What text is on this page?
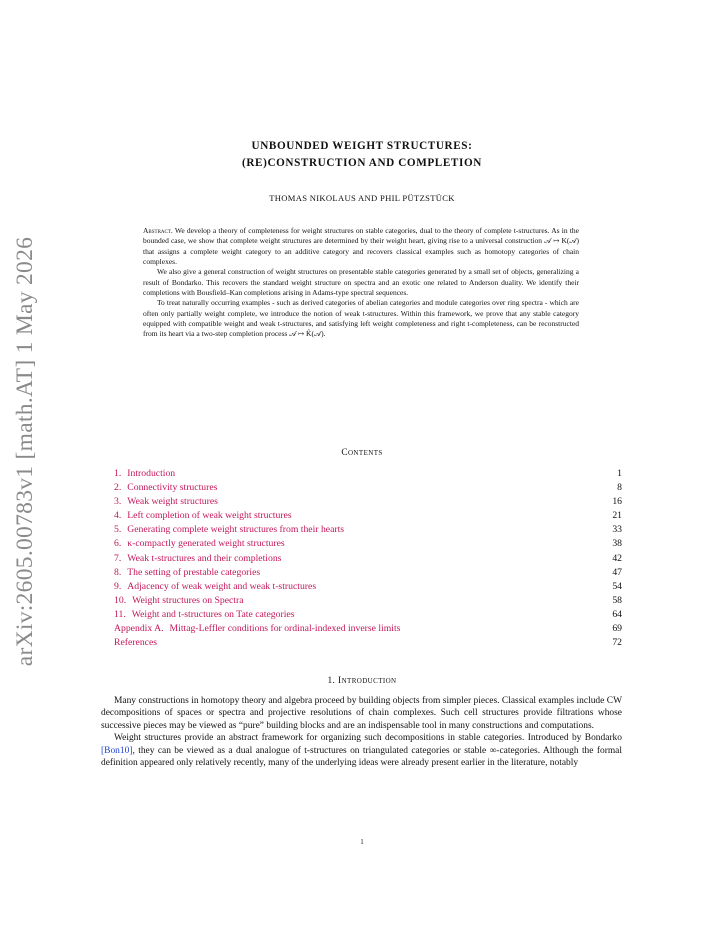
arXiv:2605.00783v1 [math.AT] 1 May 2026
UNBOUNDED WEIGHT STRUCTURES:
(RE)CONSTRUCTION AND COMPLETION
THOMAS NIKOLAUS AND PHIL PÜTZSTÜCK

Abstract. We develop a theory of completeness for weight structures on stable categories, dual to the theory of complete t-structures. As in the bounded case, we show that complete weight structures are determined by their weight heart, giving rise to a universal construction 𝒜 ↦ K(𝒜) that assigns a complete weight category to an additive category and recovers classical examples such as homotopy categories of chain complexes.

We also give a general construction of weight structures on presentable stable categories generated by a small set of objects, generalizing a result of Bondarko. This recovers the standard weight structure on spectra and an exotic one related to Anderson duality. We identify their completions with Bousfield–Kan completions arising in Adams-type spectral sequences.

To treat naturally occurring examples - such as derived categories of abelian categories and module categories over ring spectra - which are often only partially weight complete, we introduce the notion of weak t-structures. Within this framework, we prove that any stable category equipped with compatible weight and weak t-structures, and satisfying left weight completeness and right t-completeness, can be reconstructed from its heart via a two-step completion process 𝒜 ↦ K̂(𝒜).

Contents
1. Introduction	1
2. Connectivity structures	8
3. Weak weight structures	16
4. Left completion of weak weight structures	21
5. Generating complete weight structures from their hearts	33
6. κ-compactly generated weight structures	38
7. Weak t-structures and their completions	42
8. The setting of prestable categories	47
9. Adjacency of weak weight and weak t-structures	54
10. Weight structures on Spectra	58
11. Weight and t-structures on Tate categories	64
Appendix A. Mittag-Leffler conditions for ordinal-indexed inverse limits	69
References	72
1. Introduction

Many constructions in homotopy theory and algebra proceed by building objects from simpler pieces. Classical examples include CW decompositions of spaces or spectra and projective resolutions of chain complexes. Such cell structures provide filtrations whose successive pieces may be viewed as “pure” building blocks and are an indispensable tool in many constructions and computations.

Weight structures provide an abstract framework for organizing such decompositions in stable categories. Introduced by Bondarko [Bon10], they can be viewed as a dual analogue of t-structures on triangulated categories or stable ∞-categories. Although the formal definition appeared only relatively recently, many of the underlying ideas were already present earlier in the literature, notably

1
